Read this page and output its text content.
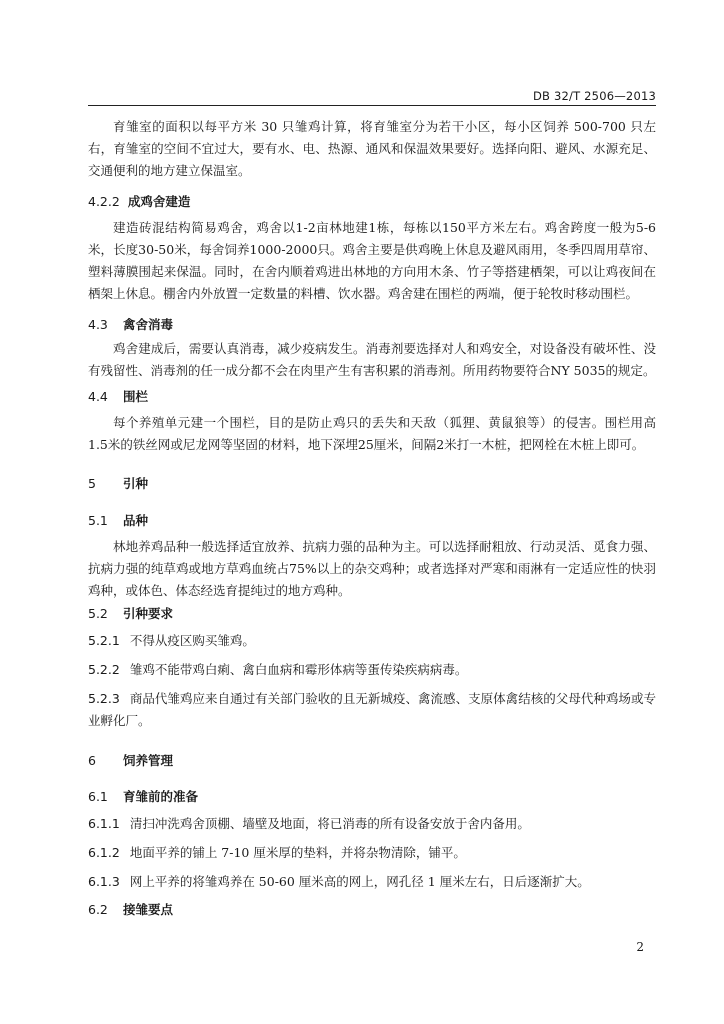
DB 32/T 2506—2013

育雏室的面积以每平方米 30 只雏鸡计算，将育雏室分为若干小区，每小区饲养 500-700 只左右，育雏室的空间不宜过大，要有水、电、热源、通风和保温效果要好。选择向阳、避风、水源充足、交通便利的地方建立保温室。

4.2.2 成鸡舍建造

建造砖混结构简易鸡舍，鸡舍以1-2亩林地建1栋，每栋以150平方米左右。鸡舍跨度一般为5-6米，长度30-50米，每舍饲养1000-2000只。鸡舍主要是供鸡晚上休息及避风雨用，冬季四周用草帘、塑料薄膜围起来保温。同时，在舍内顺着鸡进出林地的方向用木条、竹子等搭建栖架，可以让鸡夜间在栖架上休息。棚舍内外放置一定数量的料槽、饮水器。鸡舍建在围栏的两端，便于轮牧时移动围栏。

4.3 禽舍消毒

鸡舍建成后，需要认真消毒，减少疫病发生。消毒剂要选择对人和鸡安全，对设备没有破坏性、没有残留性、消毒剂的任一成分都不会在肉里产生有害积累的消毒剂。所用药物要符合NY 5035的规定。

4.4 围栏

每个养殖单元建一个围栏，目的是防止鸡只的丢失和天敌（狐狸、黄鼠狼等）的侵害。围栏用高1.5米的铁丝网或尼龙网等坚固的材料，地下深埋25厘米，间隔2米打一木桩，把网栓在木桩上即可。

5 引种
5.1 品种

林地养鸡品种一般选择适宜放养、抗病力强的品种为主。可以选择耐粗放、行动灵活、觅食力强、抗病力强的纯草鸡或地方草鸡血统占75%以上的杂交鸡种；或者选择对严寒和雨淋有一定适应性的快羽鸡种，或体色、体态经选育提纯过的地方鸡种。

5.2 引种要求

5.2.1 不得从疫区购买雏鸡。

5.2.2 雏鸡不能带鸡白痢、禽白血病和霉形体病等蛋传染疾病病毒。

5.2.3 商品代雏鸡应来自通过有关部门验收的且无新城疫、禽流感、支原体禽结核的父母代种鸡场或专业孵化厂。

6 饲养管理
6.1 育雏前的准备

6.1.1 清扫冲洗鸡舍顶棚、墙壁及地面，将已消毒的所有设备安放于舍内备用。

6.1.2 地面平养的铺上 7-10 厘米厚的垫料，并将杂物清除，铺平。

6.1.3 网上平养的将雏鸡养在 50-60 厘米高的网上，网孔径 1 厘米左右，日后逐渐扩大。

6.2 接雏要点
2
